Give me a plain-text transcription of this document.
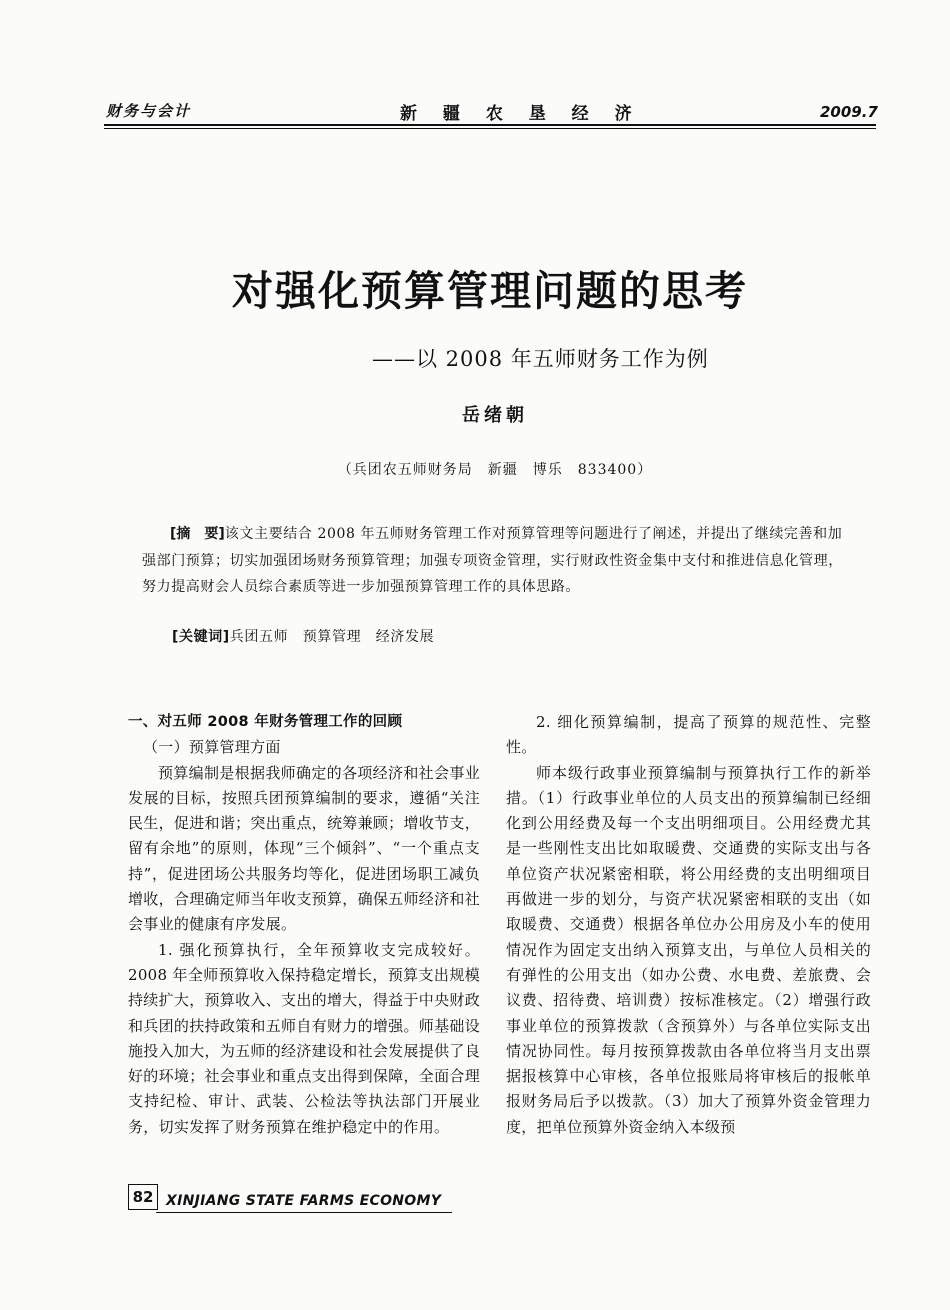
财务与会计	新 疆 农 垦 经 济	2009.7
对强化预算管理问题的思考
——以 2008 年五师财务工作为例
岳绪朝
（兵团农五师财务局　新疆　博乐　833400）
[摘　要]该文主要结合 2008 年五师财务管理工作对预算管理等问题进行了阐述，并提出了继续完善和加强部门预算；切实加强团场财务预算管理；加强专项资金管理，实行财政性资金集中支付和推进信息化管理，努力提高财会人员综合素质等进一步加强预算管理工作的具体思路。
[关键词]兵团五师　预算管理　经济发展

一、对五师 2008 年财务管理工作的回顾

（一）预算管理方面

预算编制是根据我师确定的各项经济和社会事业发展的目标，按照兵团预算编制的要求，遵循“关注民生，促进和谐；突出重点，统筹兼顾；增收节支，留有余地”的原则，体现“三个倾斜”、“一个重点支持”，促进团场公共服务均等化，促进团场职工减负增收，合理确定师当年收支预算，确保五师经济和社会事业的健康有序发展。

1. 强化预算执行，全年预算收支完成较好。2008 年全师预算收入保持稳定增长，预算支出规模持续扩大，预算收入、支出的增大，得益于中央财政和兵团的扶持政策和五师自有财力的增强。师基础设施投入加大，为五师的经济建设和社会发展提供了良好的环境；社会事业和重点支出得到保障，全面合理支持纪检、审计、武装、公检法等执法部门开展业务，切实发挥了财务预算在维护稳定中的作用。

2. 细化预算编制，提高了预算的规范性、完整性。

师本级行政事业预算编制与预算执行工作的新举措。（1）行政事业单位的人员支出的预算编制已经细化到公用经费及每一个支出明细项目。公用经费尤其是一些刚性支出比如取暖费、交通费的实际支出与各单位资产状况紧密相联，将公用经费的支出明细项目再做进一步的划分，与资产状况紧密相联的支出（如取暖费、交通费）根据各单位办公用房及小车的使用情况作为固定支出纳入预算支出，与单位人员相关的有弹性的公用支出（如办公费、水电费、差旅费、会议费、招待费、培训费）按标准核定。（2）增强行政事业单位的预算拨款（含预算外）与各单位实际支出情况协同性。每月按预算拨款由各单位将当月支出票据报核算中心审核，各单位报账局将审核后的报帐单报财务局后予以拨款。（3）加大了预算外资金管理力度，把单位预算外资金纳入本级预

82 XINJIANG STATE FARMS ECONOMY
